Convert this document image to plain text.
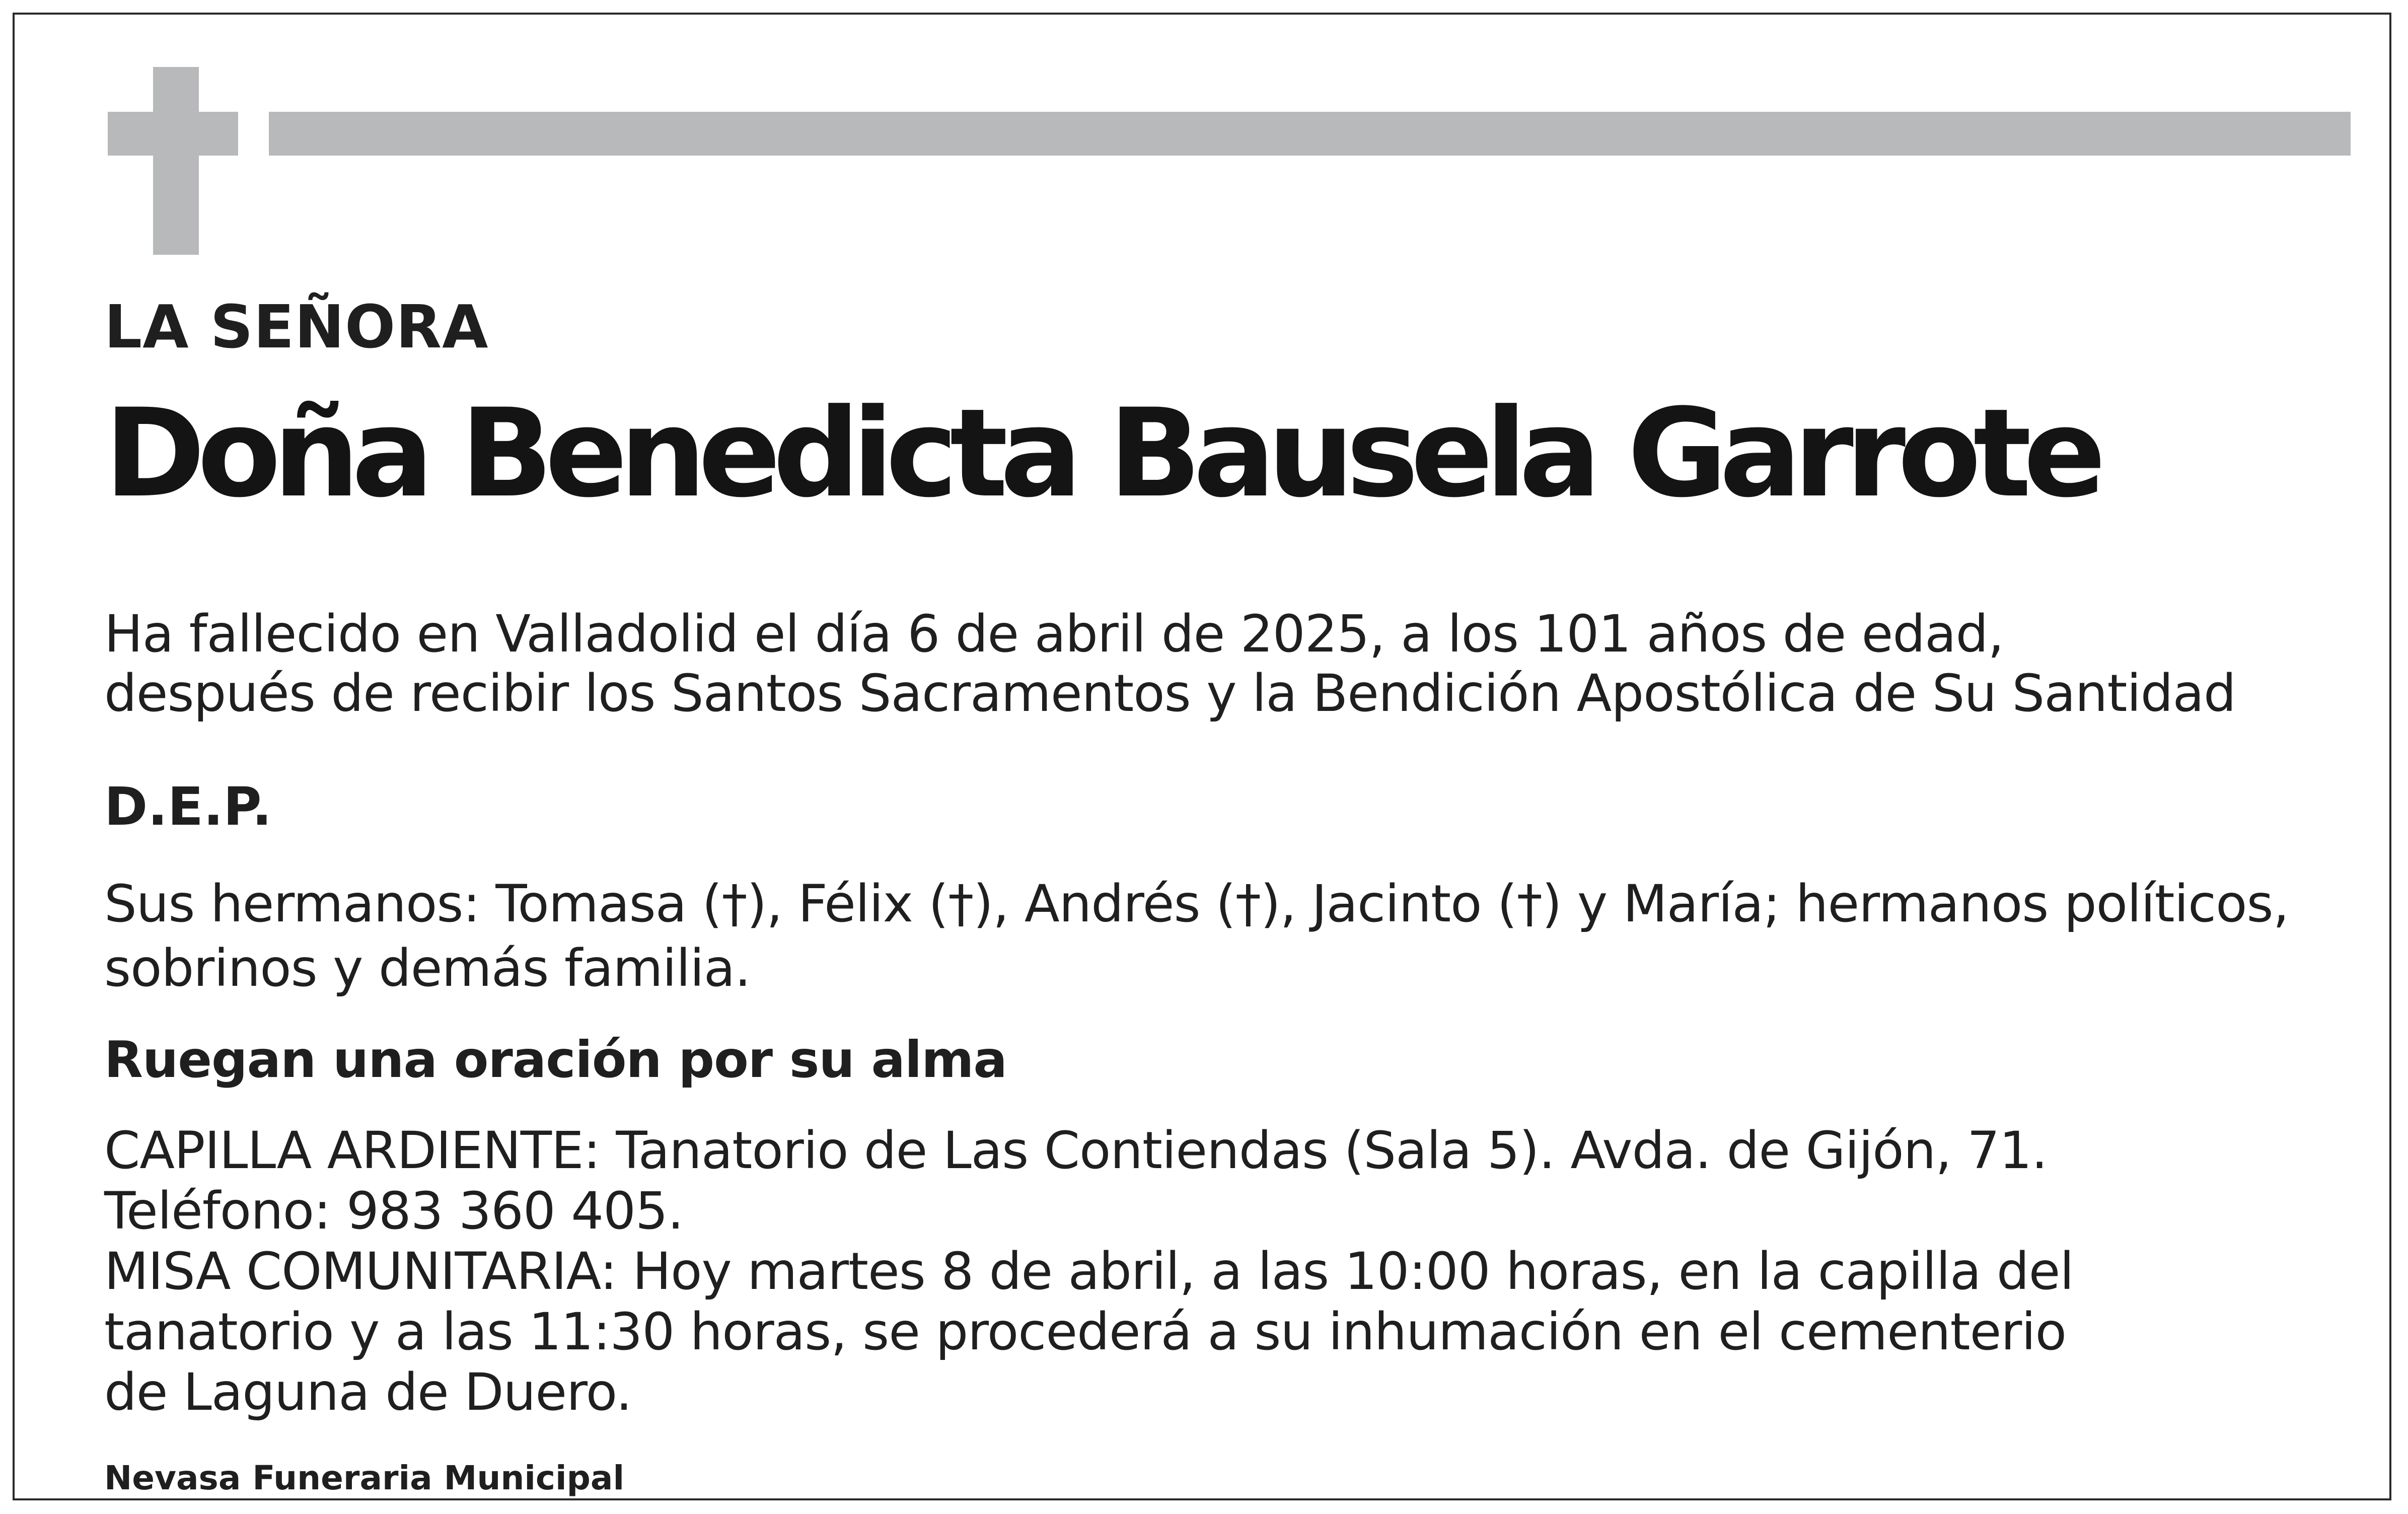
LA SEÑORA

Doña Benedicta Bausela Garrote

Ha fallecido en Valladolid el día 6 de abril de 2025, a los 101 años de edad,

después de recibir los Santos Sacramentos y la Bendición Apostólica de Su Santidad

D.E.P.

Sus hermanos: Tomasa (†), Félix (†), Andrés (†), Jacinto (†) y María; hermanos políticos,

sobrinos y demás familia.

Ruegan una oración por su alma

CAPILLA ARDIENTE: Tanatorio de Las Contiendas (Sala 5). Avda. de Gijón, 71.

Teléfono: 983 360 405.

MISA COMUNITARIA: Hoy martes 8 de abril, a las 10:00 horas, en la capilla del

tanatorio y a las 11:30 horas, se procederá a su inhumación en el cementerio

de Laguna de Duero.

Nevasa Funeraria Municipal
